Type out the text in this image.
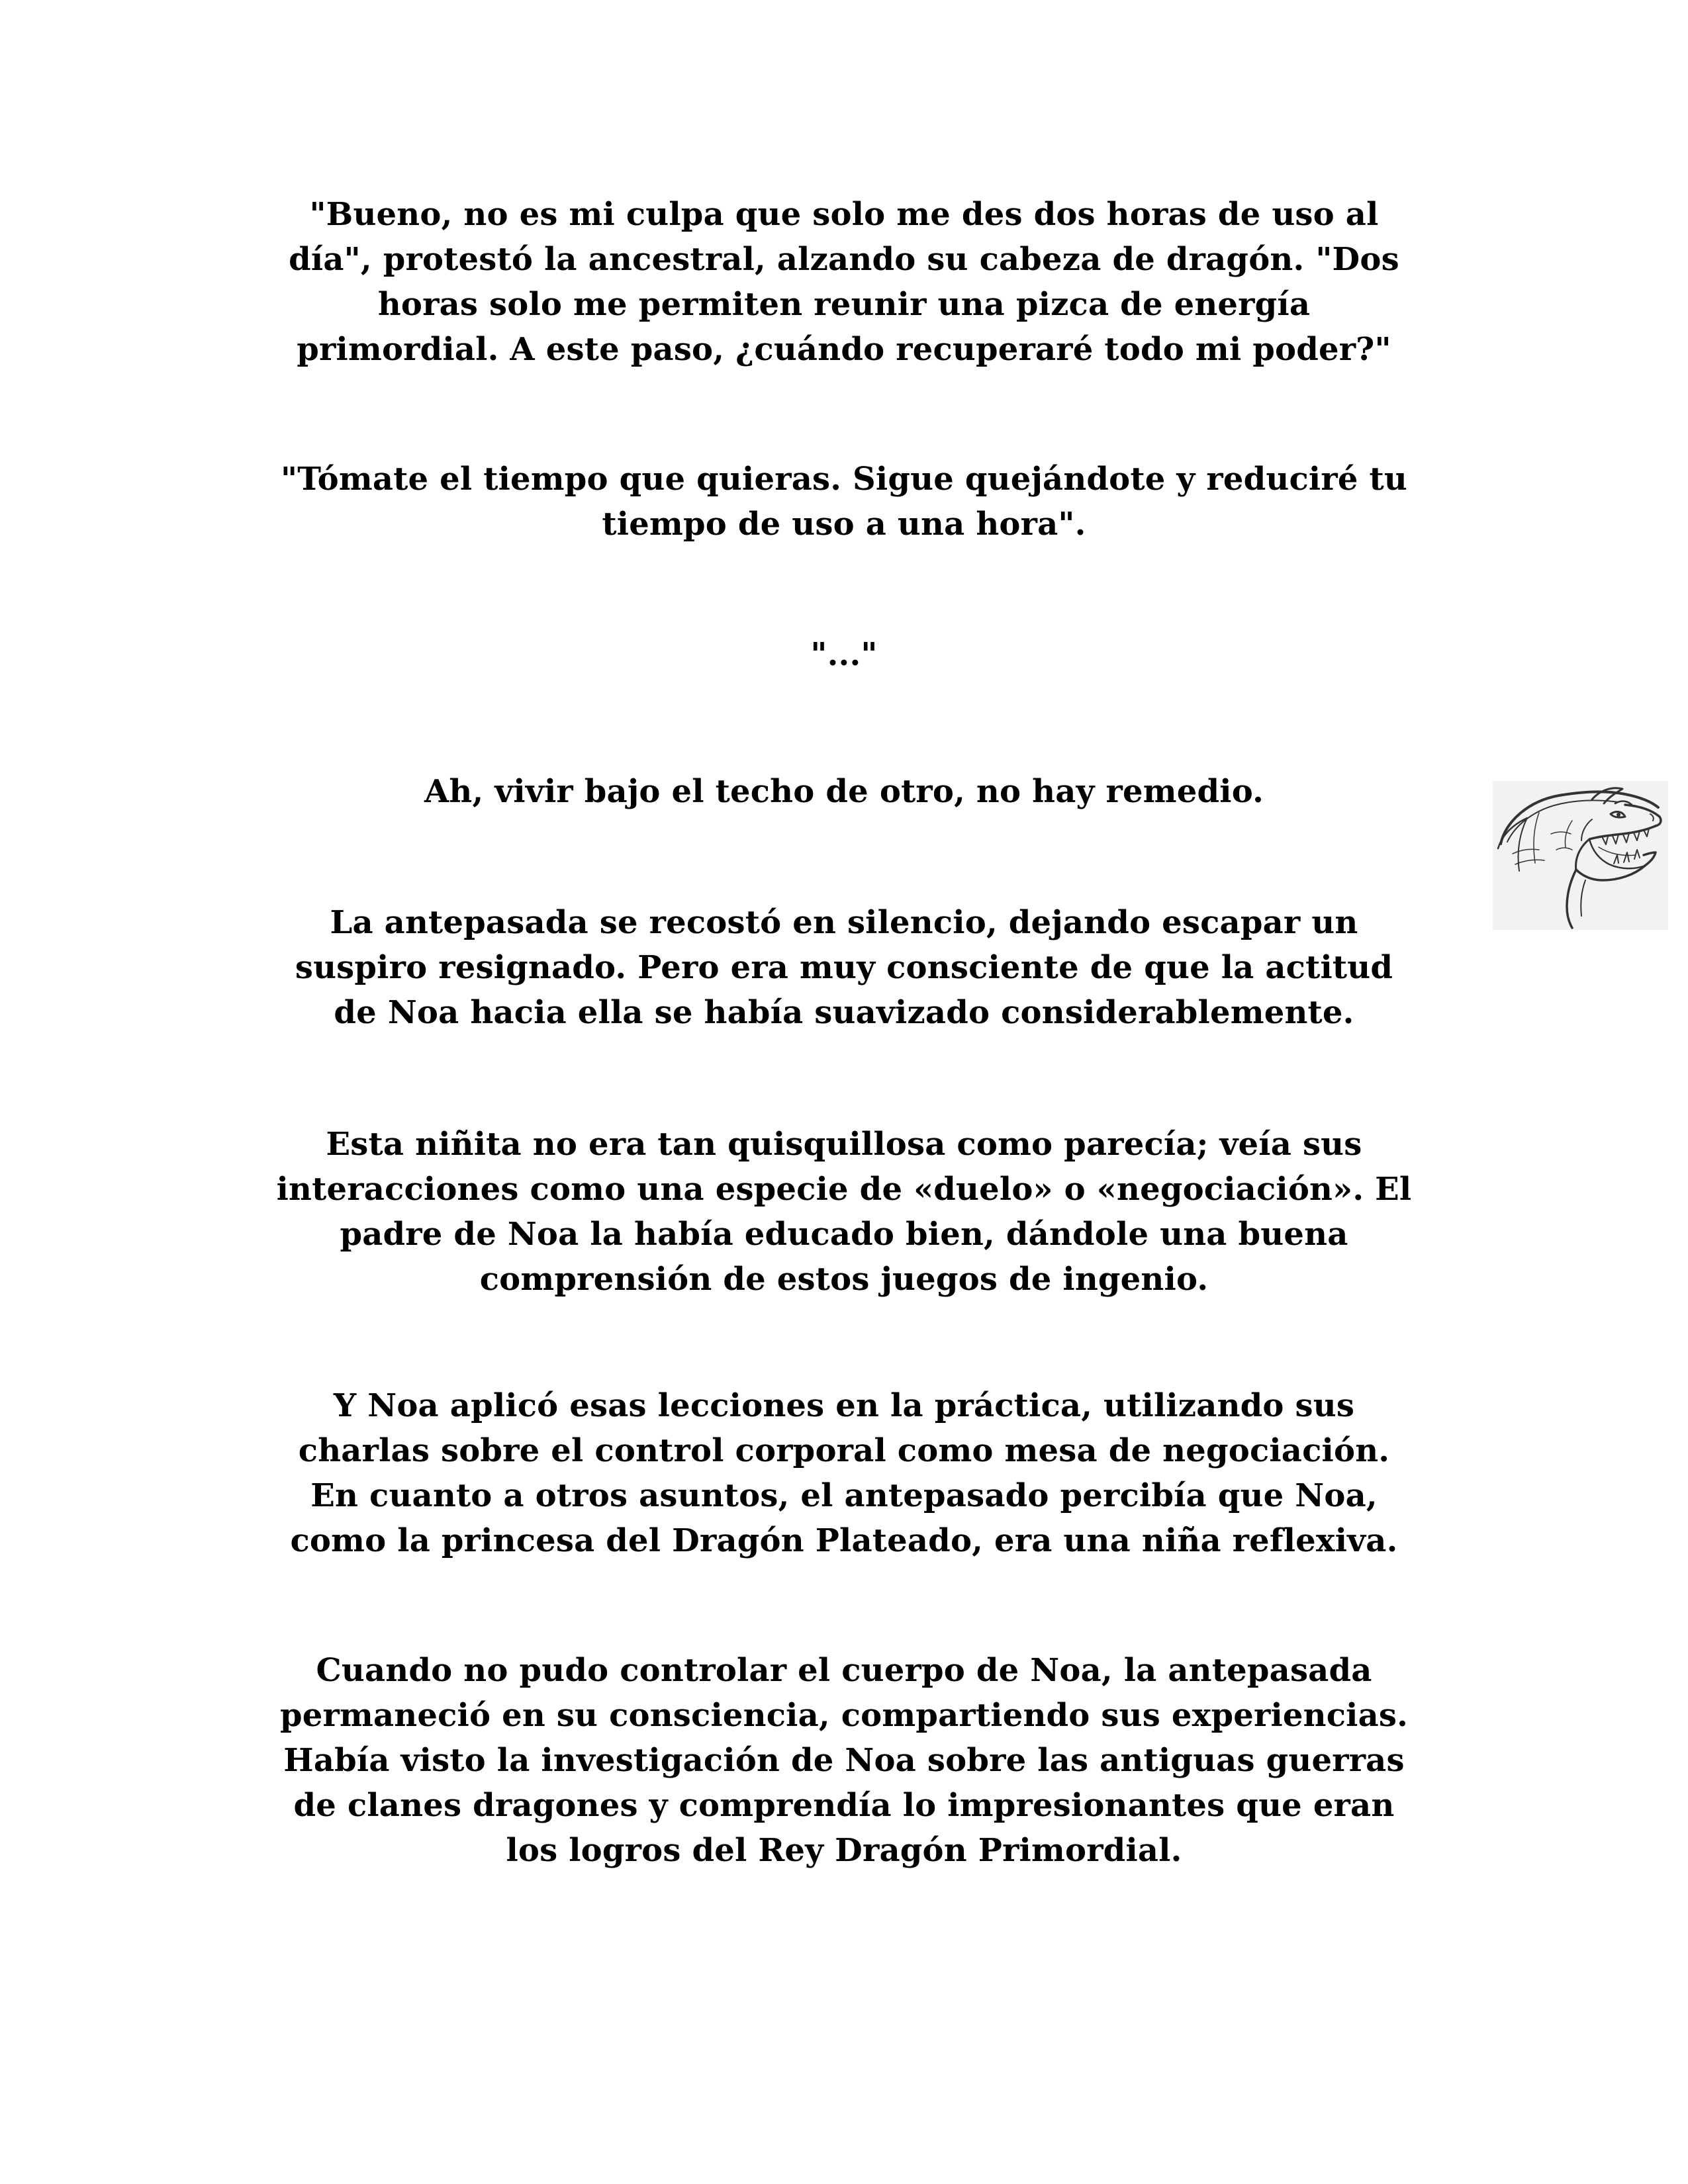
"Bueno, no es mi culpa que solo me des dos horas de uso al
día", protestó la ancestral, alzando su cabeza de dragón. "Dos
horas solo me permiten reunir una pizca de energía
primordial. A este paso, ¿cuándo recuperaré todo mi poder?"

"Tómate el tiempo que quieras. Sigue quejándote y reduciré tu
tiempo de uso a una hora".

"..."

Ah, vivir bajo el techo de otro, no hay remedio.

La antepasada se recostó en silencio, dejando escapar un
suspiro resignado. Pero era muy consciente de que la actitud
de Noa hacia ella se había suavizado considerablemente.

Esta niñita no era tan quisquillosa como parecía; veía sus
interacciones como una especie de «duelo» o «negociación». El
padre de Noa la había educado bien, dándole una buena
comprensión de estos juegos de ingenio.

Y Noa aplicó esas lecciones en la práctica, utilizando sus
charlas sobre el control corporal como mesa de negociación.
En cuanto a otros asuntos, el antepasado percibía que Noa,
como la princesa del Dragón Plateado, era una niña reflexiva.

Cuando no pudo controlar el cuerpo de Noa, la antepasada
permaneció en su consciencia, compartiendo sus experiencias.
Había visto la investigación de Noa sobre las antiguas guerras
de clanes dragones y comprendía lo impresionantes que eran
los logros del Rey Dragón Primordial.
